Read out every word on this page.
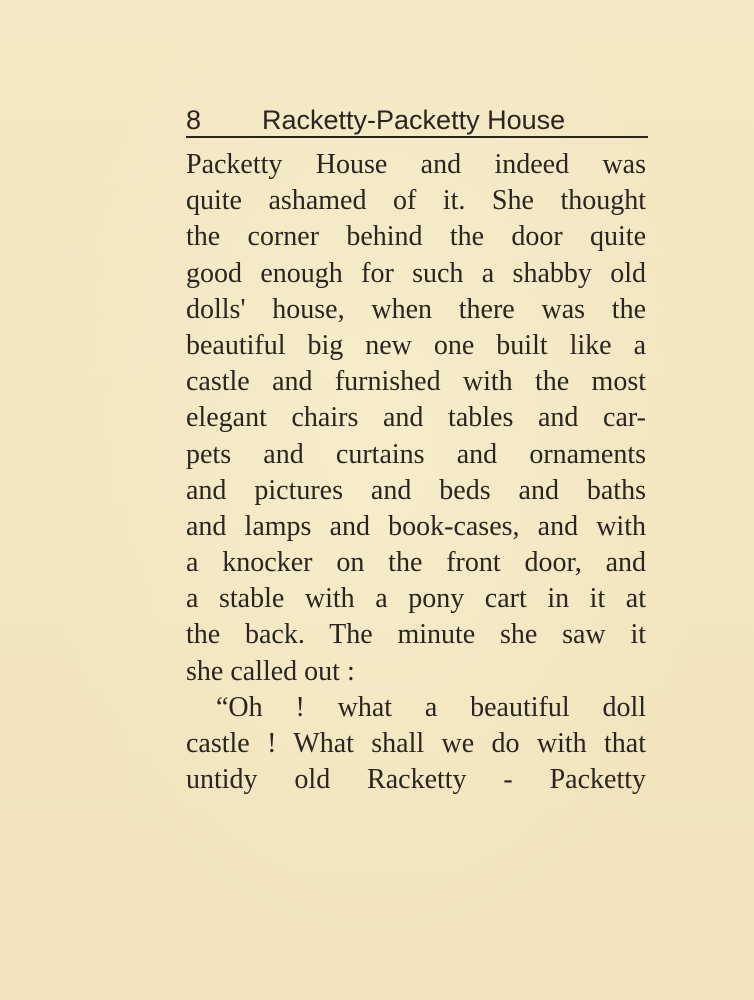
8 Racketty-Packetty House
Packetty House and indeed was
quite ashamed of it. She thought
the corner behind the door quite
good enough for such a shabby old
dolls' house, when there was the
beautiful big new one built like a
castle and furnished with the most
elegant chairs and tables and car-
pets and curtains and ornaments
and pictures and beds and baths
and lamps and book-cases, and with
a knocker on the front door, and
a stable with a pony cart in it at
the back. The minute she saw it
she called out :
“Oh ! what a beautiful doll
castle ! What shall we do with that
untidy old Racketty - Packetty
